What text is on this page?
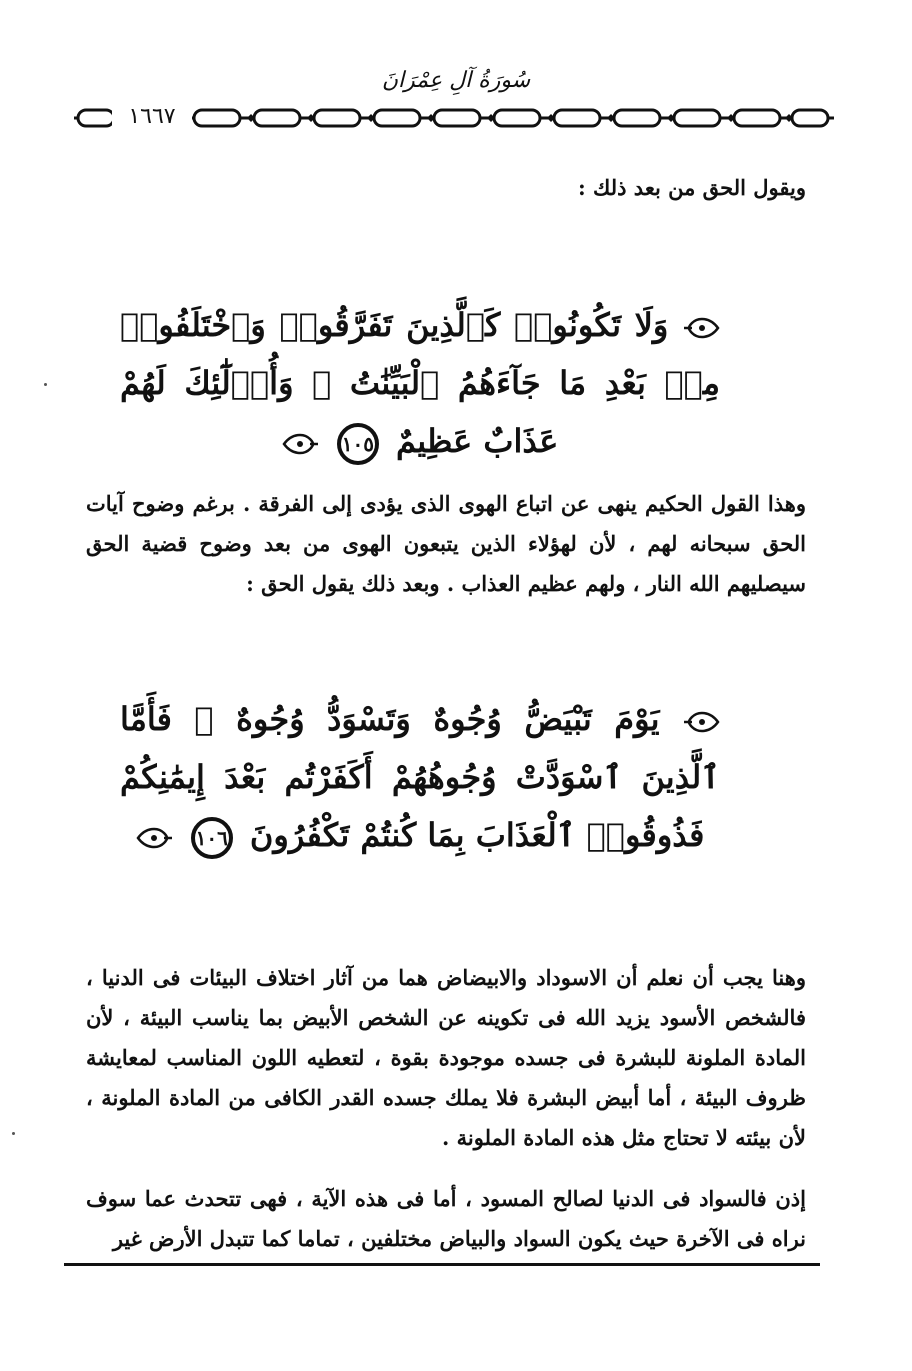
سُورَةُ آلِ عِمْرَانَ
١٦٦٧
ويقول الحق من بعد ذلك :
وَلَا تَكُونُوا۟ كَٱلَّذِينَ تَفَرَّقُوا۟ وَٱخْتَلَفُوا۟ مِنۢ بَعْدِ مَا جَآءَهُمُ ٱلْبَيِّنَٰتُ ۚ وَأُو۟لَٰٓئِكَ لَهُمْ عَذَابٌ عَظِيمٌ ١٠٥
وهذا القول الحكيم ينهى عن اتباع الهوى الذى يؤدى إلى الفرقة . برغم وضوح آيات الحق سبحانه لهم ، لأن لهؤلاء الذين يتبعون الهوى من بعد وضوح قضية الحق سيصليهم الله النار ، ولهم عظيم العذاب . وبعد ذلك يقول الحق :
يَوْمَ تَبْيَضُّ وُجُوهٌ وَتَسْوَدُّ وُجُوهٌ ۚ فَأَمَّا ٱلَّذِينَ ٱسْوَدَّتْ وُجُوهُهُمْ أَكَفَرْتُم بَعْدَ إِيمَٰنِكُمْ فَذُوقُوا۟ ٱلْعَذَابَ بِمَا كُنتُمْ تَكْفُرُونَ ١٠٦
وهنا يجب أن نعلم أن الاسوداد والابيضاض هما من آثار اختلاف البيئات فى الدنيا ، فالشخص الأسود يزيد الله فى تكوينه عن الشخص الأبيض بما يناسب البيئة ، لأن المادة الملونة للبشرة فى جسده موجودة بقوة ، لتعطيه اللون المناسب لمعايشة ظروف البيئة ، أما أبيض البشرة فلا يملك جسده القدر الكافى من المادة الملونة ، لأن بيئته لا تحتاج مثل هذه المادة الملونة .
إذن فالسواد فى الدنيا لصالح المسود ، أما فى هذه الآية ، فهى تتحدث عما سوف نراه فى الآخرة حيث يكون السواد والبياض مختلفين ، تماما كما تتبدل الأرض غير
